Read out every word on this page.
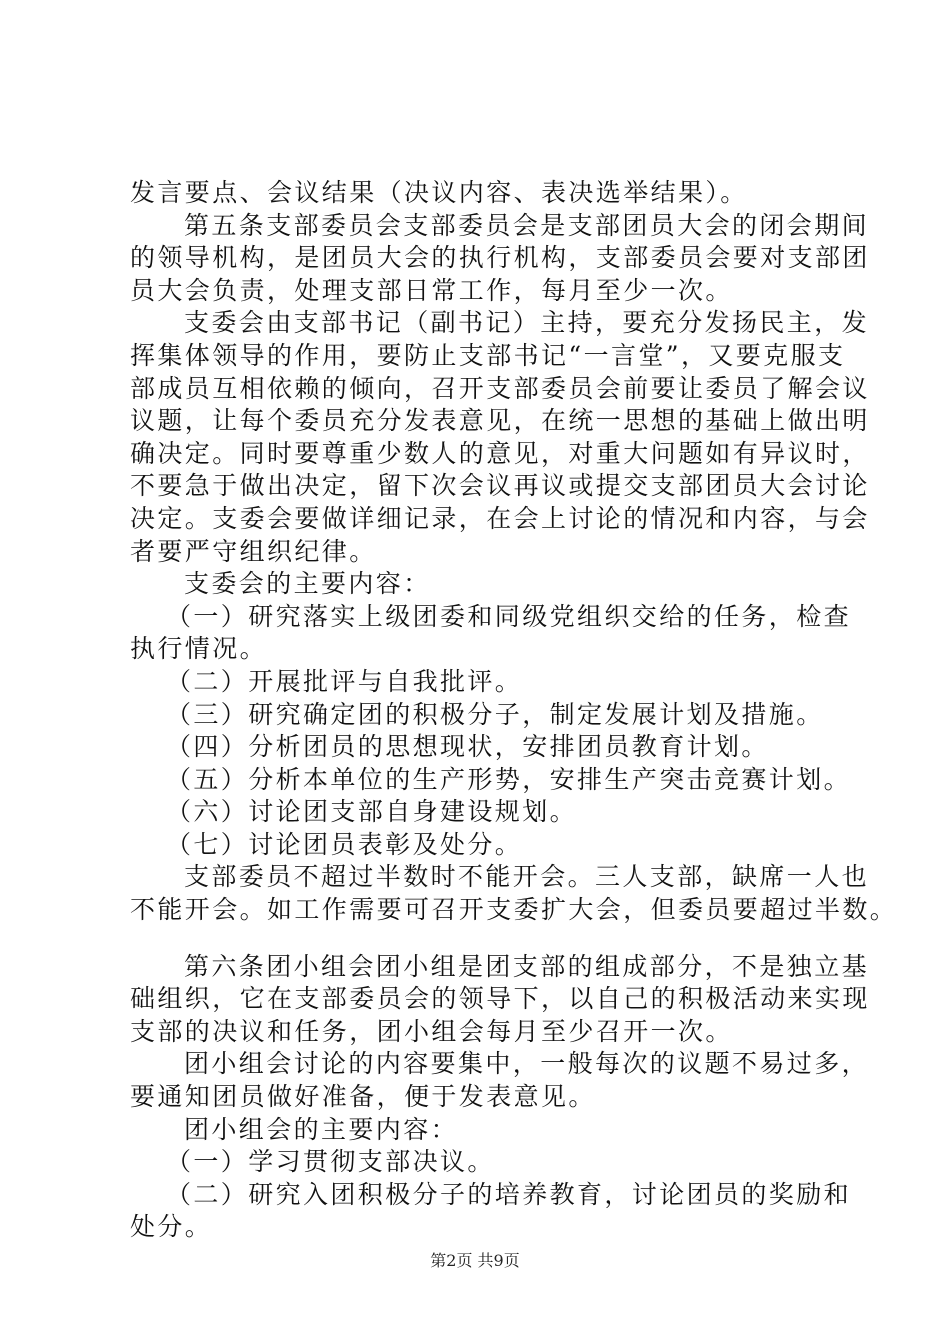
发言要点、会议结果（决议内容、表决选举结果）。
第五条支部委员会支部委员会是支部团员大会的闭会期间
的领导机构，是团员大会的执行机构，支部委员会要对支部团
员大会负责，处理支部日常工作，每月至少一次。
支委会由支部书记（副书记）主持，要充分发扬民主，发
挥集体领导的作用，要防止支部书记“一言堂”，又要克服支
部成员互相依赖的倾向，召开支部委员会前要让委员了解会议
议题，让每个委员充分发表意见，在统一思想的基础上做出明
确决定。同时要尊重少数人的意见，对重大问题如有异议时，
不要急于做出决定，留下次会议再议或提交支部团员大会讨论
决定。支委会要做详细记录，在会上讨论的情况和内容，与会
者要严守组织纪律。
支委会的主要内容：
（一）研究落实上级团委和同级党组织交给的任务，检查
执行情况。
（二）开展批评与自我批评。
（三）研究确定团的积极分子，制定发展计划及措施。
（四）分析团员的思想现状，安排团员教育计划。
（五）分析本单位的生产形势，安排生产突击竞赛计划。
（六）讨论团支部自身建设规划。
（七）讨论团员表彰及处分。
支部委员不超过半数时不能开会。三人支部，缺席一人也
不能开会。如工作需要可召开支委扩大会，但委员要超过半数。
第六条团小组会团小组是团支部的组成部分，不是独立基
础组织，它在支部委员会的领导下，以自己的积极活动来实现
支部的决议和任务，团小组会每月至少召开一次。
团小组会讨论的内容要集中，一般每次的议题不易过多，
要通知团员做好准备，便于发表意见。
团小组会的主要内容：
（一）学习贯彻支部决议。
（二）研究入团积极分子的培养教育，讨论团员的奖励和
处分。
第2页 共9页
